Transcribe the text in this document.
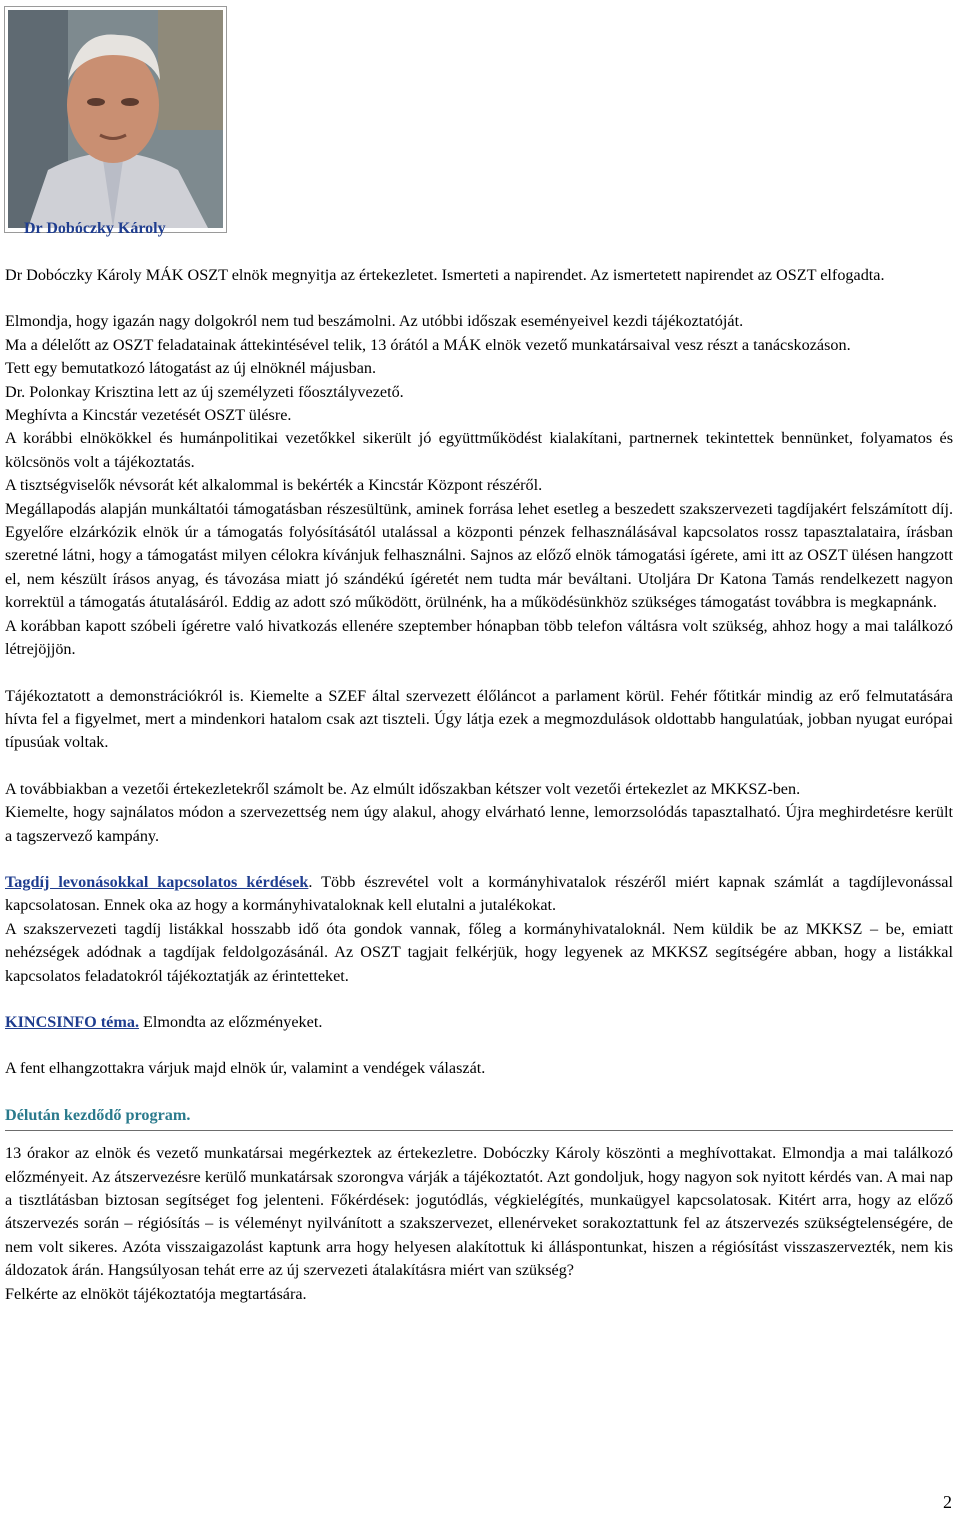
Dr Dobóczky Károly

Dr Dobóczky Károly MÁK OSZT elnök megnyitja az értekezletet. Ismerteti a napirendet. Az ismertetett napirendet az OSZT elfogadta.

Elmondja, hogy igazán nagy dolgokról nem tud beszámolni. Az utóbbi időszak eseményeivel kezdi tájékoztatóját.

Ma a délelőtt az OSZT feladatainak áttekintésével telik, 13 órától a MÁK elnök vezető munkatársaival vesz részt a tanácskozáson.

Tett egy bemutatkozó látogatást az új elnöknél májusban.

Dr. Polonkay Krisztina lett az új személyzeti főosztályvezető.

Meghívta a Kincstár vezetését OSZT ülésre.

A korábbi elnökökkel és humánpolitikai vezetőkkel sikerült jó együttműködést kialakítani, partnernek tekintettek bennünket, folyamatos és kölcsönös volt a tájékoztatás.

A tisztségviselők névsorát két alkalommal is bekérték a Kincstár Központ részéről.

Megállapodás alapján munkáltatói támogatásban részesültünk, aminek forrása lehet esetleg a beszedett szakszervezeti tagdíjakért felszámított díj. Egyelőre elzárkózik elnök úr a támogatás folyósításától utalással a központi pénzek felhasználásával kapcsolatos rossz tapasztalataira, írásban szeretné látni, hogy a támogatást milyen célokra kívánjuk felhasználni. Sajnos az előző elnök támogatási ígérete, ami itt az OSZT ülésen hangzott el, nem készült írásos anyag, és távozása miatt jó szándékú ígéretét nem tudta már beváltani. Utoljára Dr Katona Tamás rendelkezett nagyon korrektül a támogatás átutalásáról. Eddig az adott szó működött, örülnénk, ha a működésünkhöz szükséges támogatást továbbra is megkapnánk.

A korábban kapott szóbeli ígéretre való hivatkozás ellenére szeptember hónapban több telefon váltásra volt szükség, ahhoz hogy a mai találkozó létrejöjjön.

Tájékoztatott a demonstrációkról is. Kiemelte a SZEF által szervezett élőláncot a parlament körül. Fehér főtitkár mindig az erő felmutatására hívta fel a figyelmet, mert a mindenkori hatalom csak azt tiszteli. Úgy látja ezek a megmozdulások oldottabb hangulatúak, jobban nyugat európai típusúak voltak.

A továbbiakban a vezetői értekezletekről számolt be. Az elmúlt időszakban kétszer volt vezetői értekezlet az MKKSZ-ben.

Kiemelte, hogy sajnálatos módon a szervezettség nem úgy alakul, ahogy elvárható lenne, lemorzsolódás tapasztalható. Újra meghirdetésre került a tagszervező kampány.

Tagdíj levonásokkal kapcsolatos kérdések. Több észrevétel volt a kormányhivatalok részéről miért kapnak számlát a tagdíjlevonással kapcsolatosan. Ennek oka az hogy a kormányhivataloknak kell elutalni a jutalékokat.

A szakszervezeti tagdíj listákkal hosszabb idő óta gondok vannak, főleg a kormányhivataloknál. Nem küldik be az MKKSZ – be, emiatt nehézségek adódnak a tagdíjak feldolgozásánál. Az OSZT tagjait felkérjük, hogy legyenek az MKKSZ segítségére abban, hogy a listákkal kapcsolatos feladatokról tájékoztatják az érintetteket.

KINCSINFO téma. Elmondta az előzményeket.

A fent elhangzottakra várjuk majd elnök úr, valamint a vendégek válaszát.

Délután kezdődő program.

13 órakor az elnök és vezető munkatársai megérkeztek az értekezletre. Dobóczky Károly köszönti a meghívottakat. Elmondja a mai találkozó előzményeit. Az átszervezésre kerülő munkatársak szorongva várják a tájékoztatót. Azt gondoljuk, hogy nagyon sok nyitott kérdés van. A mai nap a tisztlátásban biztosan segítséget fog jelenteni. Főkérdések: jogutódlás, végkielégítés, munkaügyel kapcsolatosak. Kitért arra, hogy az előző átszervezés során – régiósítás – is véleményt nyilvánított a szakszervezet, ellenérveket sorakoztattunk fel az átszervezés szükségtelenségére, de nem volt sikeres. Azóta visszaigazolást kaptunk arra hogy helyesen alakítottuk ki álláspontunkat, hiszen a régiósítást visszaszervezték, nem kis áldozatok árán. Hangsúlyosan tehát erre az új szervezeti átalakításra miért van szükség?

Felkérte az elnököt tájékoztatója megtartására.

2
